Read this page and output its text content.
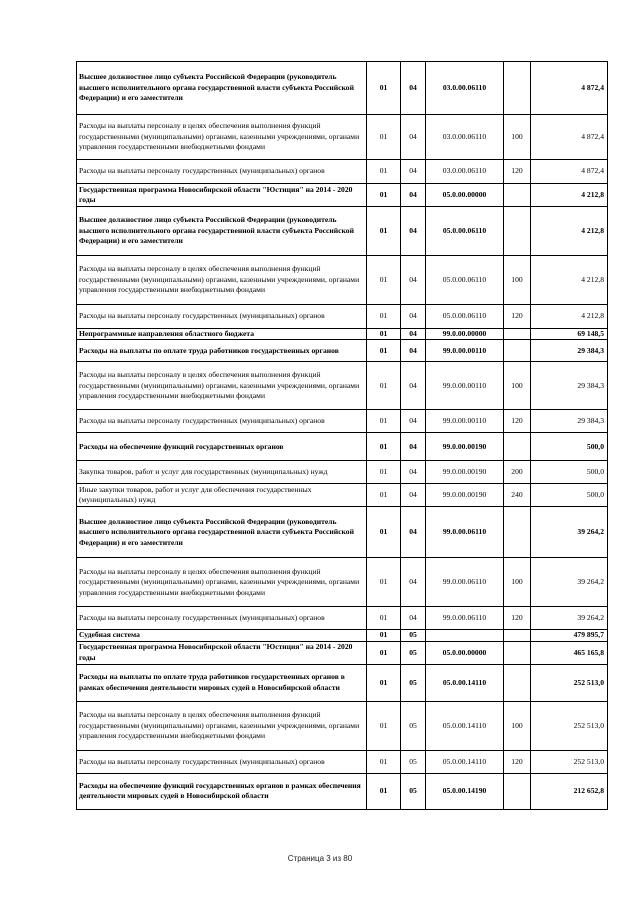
Высшее должностное лицо субъекта Российской Федерации (руководитель высшего исполнительного органа государственной власти субъекта Российской Федерации) и его заместители	01	04	03.0.00.06110		4 872,4
Расходы на выплаты персоналу в целях обеспечения выполнения функций государственными (муниципальными) органами, казенными учреждениями, органами управления государственными внебюджетными фондами	01	04	03.0.00.06110	100	4 872,4
Расходы на выплаты персоналу государственных (муниципальных) органов	01	04	03.0.00.06110	120	4 872,4
Государственная программа Новосибирской области "Юстиция" на 2014 - 2020 годы	01	04	05.0.00.00000		4 212,8
Высшее должностное лицо субъекта Российской Федерации (руководитель высшего исполнительного органа государственной власти субъекта Российской Федерации) и его заместители	01	04	05.0.00.06110		4 212,8
Расходы на выплаты персоналу в целях обеспечения выполнения функций государственными (муниципальными) органами, казенными учреждениями, органами управления государственными внебюджетными фондами	01	04	05.0.00.06110	100	4 212,8
Расходы на выплаты персоналу государственных (муниципальных) органов	01	04	05.0.00.06110	120	4 212,8
Непрограммные направления областного бюджета	01	04	99.0.00.00000		69 148,5
Расходы на выплаты по оплате труда работников государственных органов	01	04	99.0.00.00110		29 384,3
Расходы на выплаты персоналу в целях обеспечения выполнения функций государственными (муниципальными) органами, казенными учреждениями, органами управления государственными внебюджетными фондами	01	04	99.0.00.00110	100	29 384,3
Расходы на выплаты персоналу государственных (муниципальных) органов	01	04	99.0.00.00110	120	29 384,3
Расходы на обеспечение функций государственных органов	01	04	99.0.00.00190		500,0
Закупка товаров, работ и услуг для государственных (муниципальных) нужд	01	04	99.0.00.00190	200	500,0
Иные закупки товаров, работ и услуг для обеспечения государственных (муниципальных) нужд	01	04	99.0.00.00190	240	500,0
Высшее должностное лицо субъекта Российской Федерации (руководитель высшего исполнительного органа государственной власти субъекта Российской Федерации) и его заместители	01	04	99.0.00.06110		39 264,2
Расходы на выплаты персоналу в целях обеспечения выполнения функций государственными (муниципальными) органами, казенными учреждениями, органами управления государственными внебюджетными фондами	01	04	99.0.00.06110	100	39 264,2
Расходы на выплаты персоналу государственных (муниципальных) органов	01	04	99.0.00.06110	120	39 264,2
Судебная система	01	05			479 895,7
Государственная программа Новосибирской области "Юстиция" на 2014 - 2020 годы	01	05	05.0.00.00000		465 165,8
Расходы на выплаты по оплате труда работников государственных органов в рамках обеспечения деятельности мировых судей в Новосибирской области	01	05	05.0.00.14110		252 513,0
Расходы на выплаты персоналу в целях обеспечения выполнения функций государственными (муниципальными) органами, казенными учреждениями, органами управления государственными внебюджетными фондами	01	05	05.0.00.14110	100	252 513,0
Расходы на выплаты персоналу государственных (муниципальных) органов	01	05	05.0.00.14110	120	252 513,0
Расходы на обеспечение функций государственных органов в рамках обеспечения деятельности мировых судей в Новосибирской области	01	05	05.0.00.14190		212 652,8
Страница 3 из 80
